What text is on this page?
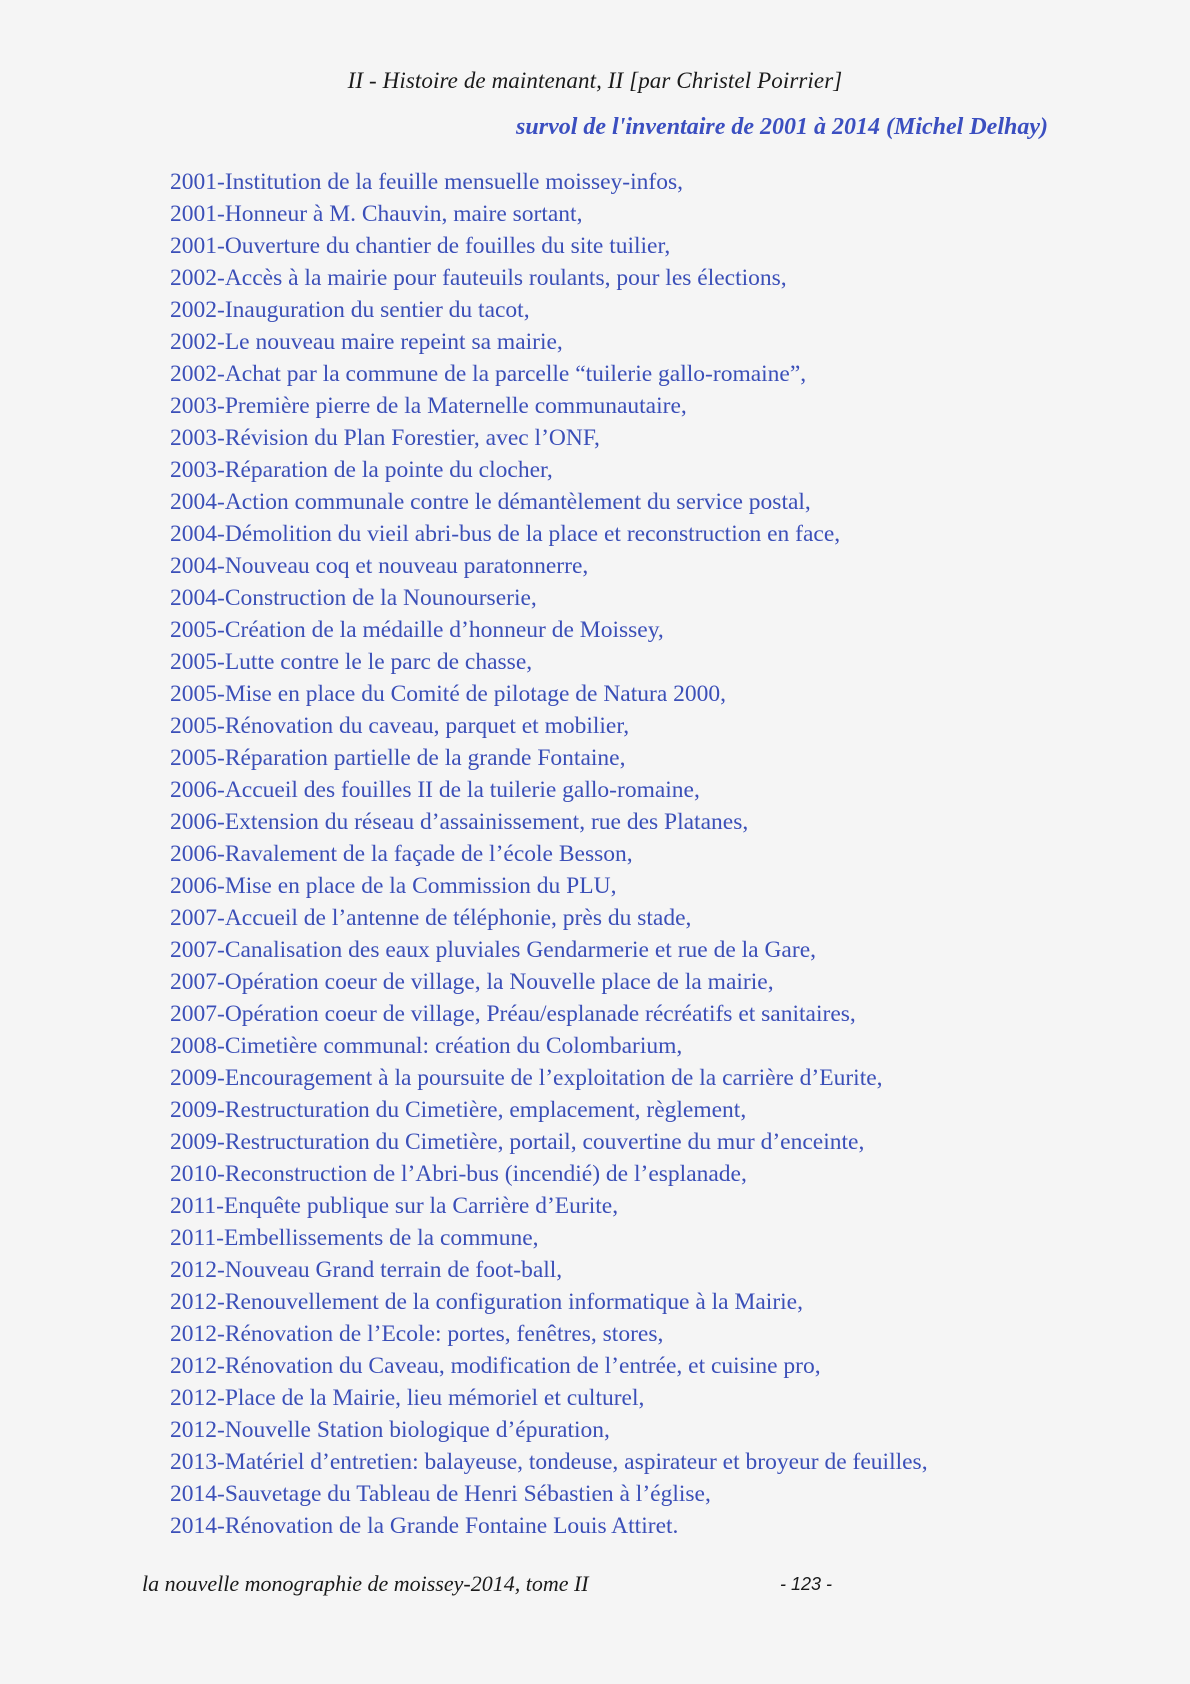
II - Histoire de maintenant, II [par Christel Poirrier]
survol de l'inventaire de 2001 à 2014 (Michel Delhay)
2001-Institution de la feuille mensuelle moissey-infos,
2001-Honneur à M. Chauvin, maire sortant,
2001-Ouverture du chantier de fouilles du site tuilier,
2002-Accès à la mairie pour fauteuils roulants, pour les élections,
2002-Inauguration du sentier du tacot,
2002-Le nouveau maire repeint sa mairie,
2002-Achat par la commune de la parcelle “tuilerie gallo-romaine”,
2003-Première pierre de la Maternelle communautaire,
2003-Révision du Plan Forestier, avec l’ONF,
2003-Réparation de la pointe du clocher,
2004-Action communale contre le démantèlement du service postal,
2004-Démolition du vieil abri-bus de la place et reconstruction en face,
2004-Nouveau coq et nouveau paratonnerre,
2004-Construction de la Nounourserie,
2005-Création de la médaille d’honneur de Moissey,
2005-Lutte contre le le parc de chasse,
2005-Mise en place du Comité de pilotage de Natura 2000,
2005-Rénovation du caveau, parquet et mobilier,
2005-Réparation partielle de la grande Fontaine,
2006-Accueil des fouilles II de la tuilerie gallo-romaine,
2006-Extension du réseau d’assainissement, rue des Platanes,
2006-Ravalement de la façade de l’école Besson,
2006-Mise en place de la Commission du PLU,
2007-Accueil de l’antenne de téléphonie, près du stade,
2007-Canalisation des eaux pluviales Gendarmerie et rue de la Gare,
2007-Opération coeur de village, la Nouvelle place de la mairie,
2007-Opération coeur de village, Préau/esplanade récréatifs et sanitaires,
2008-Cimetière communal: création du Colombarium,
2009-Encouragement à la poursuite de l’exploitation de la carrière d’Eurite,
2009-Restructuration du Cimetière, emplacement, règlement,
2009-Restructuration du Cimetière, portail, couvertine du mur d’enceinte,
2010-Reconstruction de l’Abri-bus (incendié) de l’esplanade,
2011-Enquête publique sur la Carrière d’Eurite,
2011-Embellissements de la commune,
2012-Nouveau Grand terrain de foot-ball,
2012-Renouvellement de la configuration informatique à la Mairie,
2012-Rénovation de l’Ecole: portes, fenêtres, stores,
2012-Rénovation du Caveau, modification de l’entrée, et cuisine pro,
2012-Place de la Mairie, lieu mémoriel et culturel,
2012-Nouvelle Station biologique d’épuration,
2013-Matériel d’entretien: balayeuse, tondeuse, aspirateur et broyeur de feuilles,
2014-Sauvetage du Tableau de Henri Sébastien à l’église,
2014-Rénovation de la Grande Fontaine Louis Attiret.
la nouvelle monographie de moissey-2014, tome II	- 123 -
